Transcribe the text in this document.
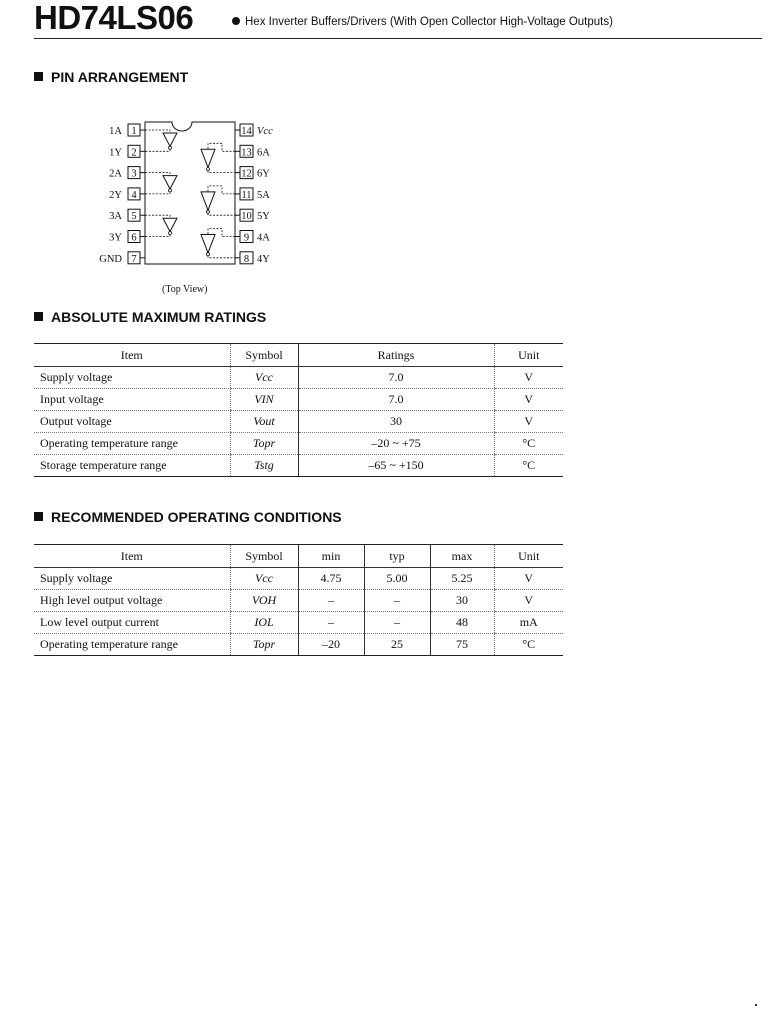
HD74LS06	Hex Inverter Buffers/Drivers (With Open Collector High-Voltage Outputs)
PIN ARRANGEMENT
1A 1
1Y 2
2A 3
2Y 4
3A 5
3Y 6
GND 7
14 Vcc
13 6A
12 6Y
11 5A
10 5Y
9 4A
8 4Y
(Top View)
ABSOLUTE MAXIMUM RATINGS
Item	Symbol	Ratings	Unit
Supply voltage	Vcc	7.0	V
Input voltage	VIN	7.0	V
Output voltage	Vout	30	V
Operating temperature range	Topr	–20 ~ +75	°C
Storage temperature range	Tstg	–65 ~ +150	°C
RECOMMENDED OPERATING CONDITIONS
Item	Symbol	min	typ	max	Unit
Supply voltage	Vcc	4.75	5.00	5.25	V
High level output voltage	VOH	–	–	30	V
Low level output current	IOL	–	–	48	mA
Operating temperature range	Topr	–20	25	75	°C
